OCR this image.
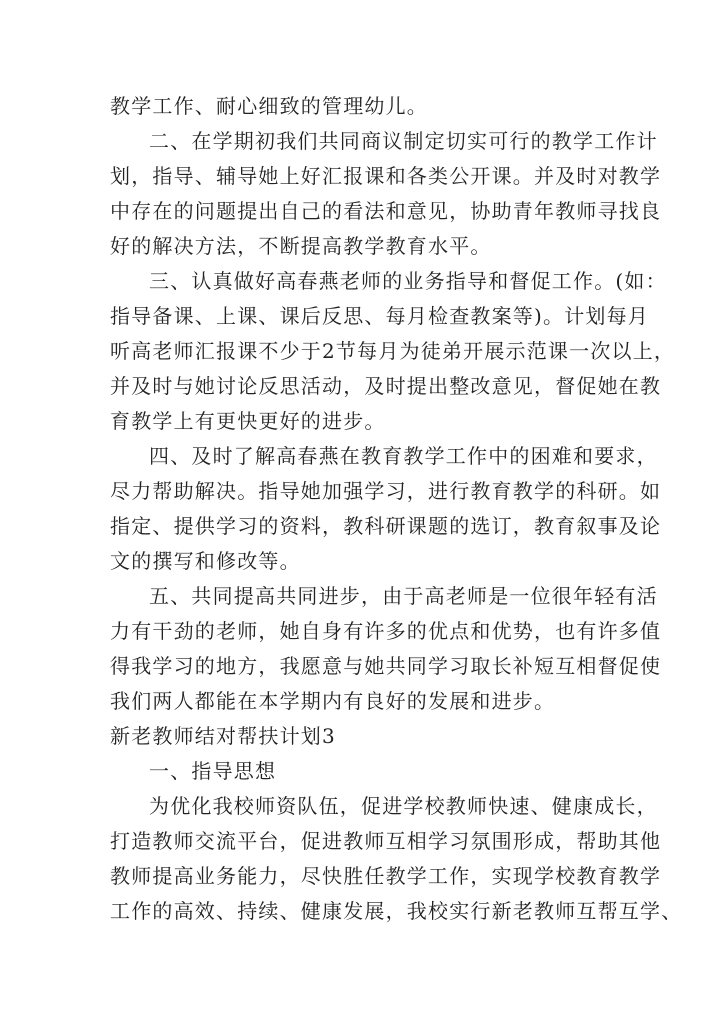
教学工作、耐心细致的管理幼儿。
二、在学期初我们共同商议制定切实可行的教学工作计
划，指导、辅导她上好汇报课和各类公开课。并及时对教学
中存在的问题提出自己的看法和意见，协助青年教师寻找良
好的解决方法，不断提高教学教育水平。
三、认真做好高春燕老师的业务指导和督促工作。(如：
指导备课、上课、课后反思、每月检查教案等)。计划每月
听高老师汇报课不少于2节每月为徒弟开展示范课一次以上，
并及时与她讨论反思活动，及时提出整改意见，督促她在教
育教学上有更快更好的进步。
四、及时了解高春燕在教育教学工作中的困难和要求，
尽力帮助解决。指导她加强学习，进行教育教学的科研。如
指定、提供学习的资料，教科研课题的选订，教育叙事及论
文的撰写和修改等。
五、共同提高共同进步，由于高老师是一位很年轻有活
力有干劲的老师，她自身有许多的优点和优势，也有许多值
得我学习的地方，我愿意与她共同学习取长补短互相督促使
我们两人都能在本学期内有良好的发展和进步。
新老教师结对帮扶计划3
一、指导思想
为优化我校师资队伍，促进学校教师快速、健康成长，
打造教师交流平台，促进教师互相学习氛围形成，帮助其他
教师提高业务能力，尽快胜任教学工作，实现学校教育教学
工作的高效、持续、健康发展，我校实行新老教师互帮互学、
